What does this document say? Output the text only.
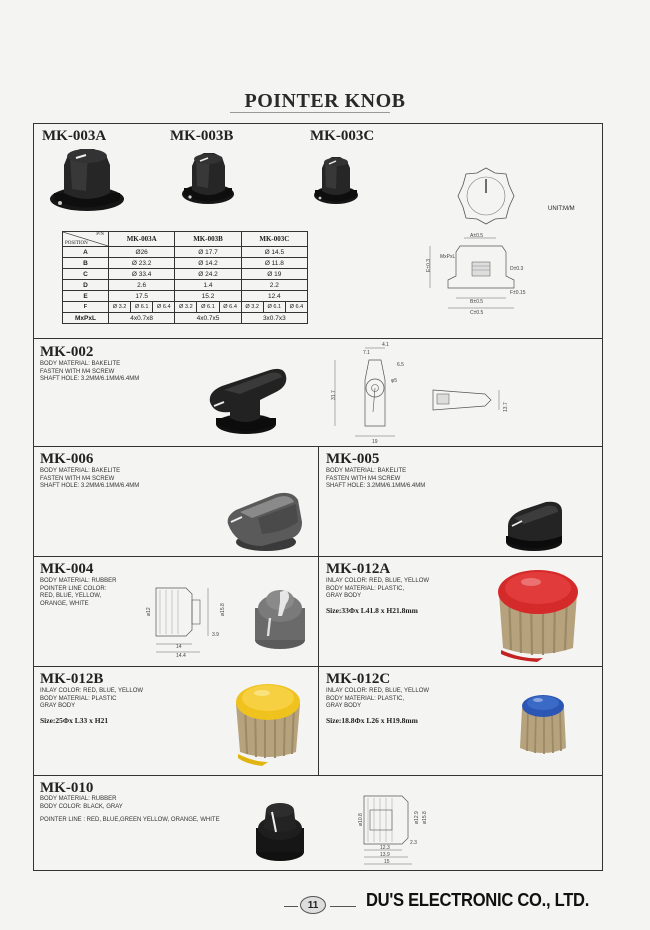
POINTER KNOB
MK-003A	MK-003B	MK-003C
UNIT:M/M
A±0.5
E±0.3
MxPxL
D±0.3
F±0.15
B±0.5
C±0.5
P/N
POSITION	MK-003A			MK-003B			MK-003C		
A	Ø26			Ø 17.7			Ø 14.5		
B	Ø 23.2			Ø 14.2			Ø 11.8		
C	Ø 33.4			Ø 24.2			Ø 19		
D	2.6			1.4			2.2		
E	17.5			15.2			12.4		
F	Ø 3.2	Ø 6.1	Ø 6.4	Ø 3.2	Ø 6.1	Ø 6.4	Ø 3.2	Ø 6.1	Ø 6.4
MxPxL	4x0.7x8			4x0.7x5			3x0.7x3		
MK-002
BODY MATERIAL: BAKELITE
FASTEN WITH M4 SCREW
SHAFT HOLE: 3.2MM/6.1MM/6.4MM
4.1
7.1
6.5
φ5
31.7
19
13.7
MK-006
BODY MATERIAL: BAKELITE
FASTEN WITH M4 SCREW
SHAFT HOLE: 3.2MM/6.1MM/6.4MM
MK-005
BODY MATERIAL: BAKELITE
FASTEN WITH M4 SCREW
SHAFT HOLE: 3.2MM/6.1MM/6.4MM
MK-004
BODY MATERIAL: RUBBER
POINTER LINE COLOR:
RED, BLUE, YELLOW,
ORANGE, WHITE
ø12	ø15.8
3.9
14
14.4
MK-012A
INLAY COLOR: RED, BLUE, YELLOW
BODY MATERIAL: PLASTIC,
GRAY BODY
Size:33Φx L41.8 x H21.8mm
MK-012B
INLAY COLOR: RED, BLUE, YELLOW
BODY MATERIAL: PLASTIC
GRAY BODY
Size:25Φx L33 x H21
MK-012C
INLAY COLOR: RED, BLUE, YELLOW
BODY MATERIAL: PLASTIC,
GRAY BODY
Size:18.8Φx L26 x H19.8mm
MK-010
BODY MATERIAL: RUBBER
BODY COLOR: BLACK, GRAY
POINTER LINE : RED, BLUE,GREEN YELLOW, ORANGE, WHITE	ø10.8	ø12.9 ø15.8
2.3
12.3
13.9
15
11	DU'S ELECTRONIC CO., LTD.
